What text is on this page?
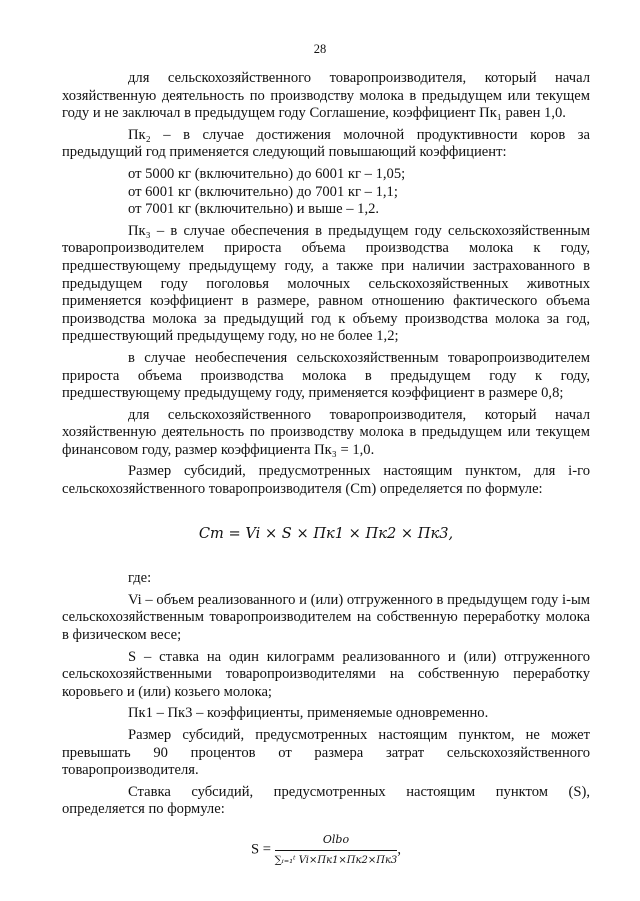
28

для сельскохозяйственного товаропроизводителя, который начал хозяйственную деятельность по производству молока в предыдущем или текущем году и не заключал в предыдущем году Соглашение, коэффициент Пк₁ равен 1,0.

Пк₂ – в случае достижения молочной продуктивности коров за предыдущий год применяется следующий повышающий коэффициент:

от 5000 кг (включительно) до 6001 кг – 1,05;

от 6001 кг (включительно) до 7001 кг – 1,1;

от 7001 кг (включительно) и выше – 1,2.

Пк₃ – в случае обеспечения в предыдущем году сельскохозяйственным товаропроизводителем прироста объема производства молока к году, предшествующему предыдущему году, а также при наличии застрахованного в предыдущем году поголовья молочных сельскохозяйственных животных применяется коэффициент в размере, равном отношению фактического объема производства молока за предыдущий год к объему производства молока за год, предшествующий предыдущему году, но не более 1,2;

в случае необеспечения сельскохозяйственным товаропроизводителем прироста объема производства молока в предыдущем году к году, предшествующему предыдущему году, применяется коэффициент в размере 0,8;

для сельскохозяйственного товаропроизводителя, который начал хозяйственную деятельность по производству молока в предыдущем или текущем финансовом году, размер коэффициента Пк₃ = 1,0.

Размер субсидий, предусмотренных настоящим пунктом, для i-го сельскохозяйственного товаропроизводителя (Cm) определяется по формуле:

Cm = Vi × S × Пк1 × Пк2 × Пк3,

где:

Vi – объем реализованного и (или) отгруженного в предыдущем году i-ым сельскохозяйственным товаропроизводителем на собственную переработку молока в физическом весе;

S – ставка на один килограмм реализованного и (или) отгруженного сельскохозяйственными товаропроизводителями на собственную переработку коровьего и (или) козьего молока;

Пк1 – Пк3 – коэффициенты, применяемые одновременно.

Размер субсидий, предусмотренных настоящим пунктом, не может превышать 90 процентов от размера затрат сельскохозяйственного товаропроизводителя.

Ставка субсидий, предусмотренных настоящим пунктом (S), определяется по формуле:

$S = \frac{\text{Olbo}}{\text{∑ᵢ₌₁ᵗ Vi×Пк1×Пк2×Пк3}}$ ,
